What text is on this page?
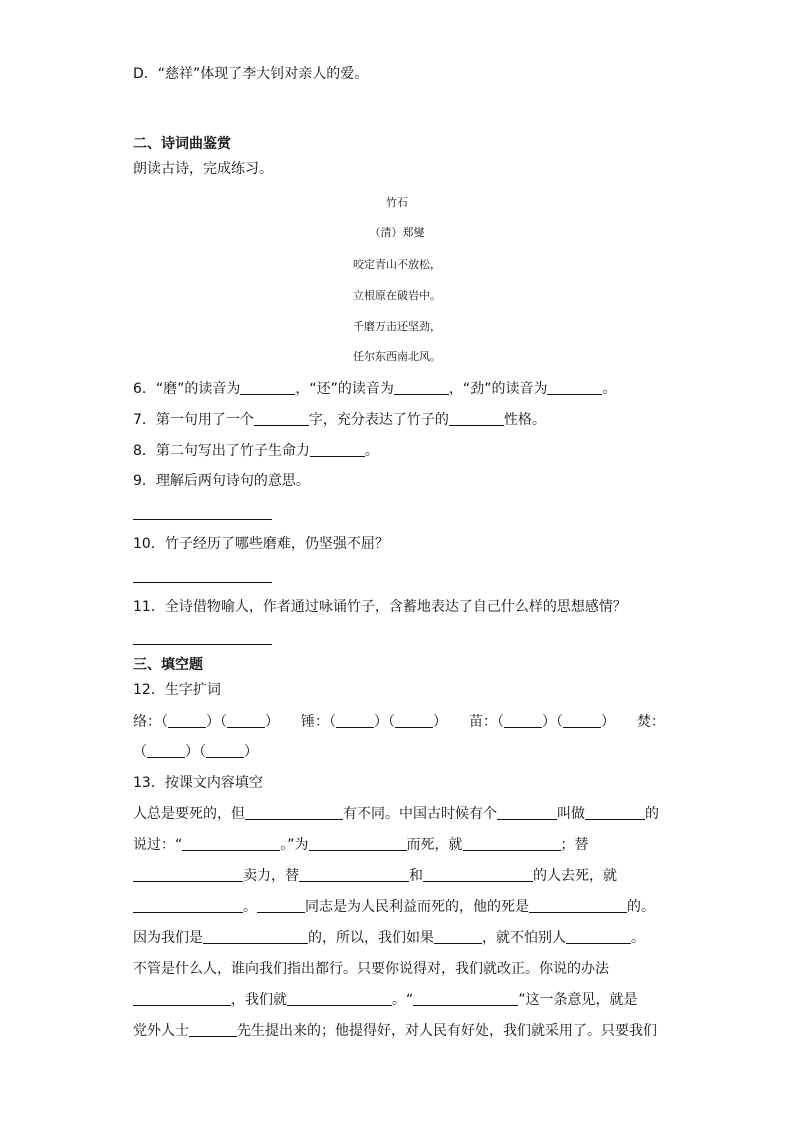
D．“慈祥”体现了李大钊对亲人的爱。
二、诗词曲鉴赏
朗读古诗，完成练习。
竹石
（清）郑燮
咬定青山不放松，
立根原在破岩中。
千磨万击还坚劲，
任尔东西南北风。
6．“磨”的读音为	，“还”的读音为	，“劲”的读音为	。
7．第一句用了一个	字，充分表达了竹子的	性格。
8．第二句写出了竹子生命力	。
9．理解后两句诗句的意思。
10．竹子经历了哪些磨难，仍坚强不屈？
11．全诗借物喻人，作者通过咏诵竹子，含蓄地表达了自己什么样的思想感情？
三、填空题
12．生字扩词
络：（	）（	） 锤：（	）（	） 苗：（	）（	） 焚：
（	）（	）
13．按课文内容填空
人总是要死的，但	有不同。中国古时候有个	叫做	的
说过：“	。”为	而死，就	；替
卖力，替	和	的人去死，就
。	同志是为人民利益而死的，他的死是	的。
因为我们是	的，所以，我们如果	，就不怕别人	。
不管是什么人，谁向我们指出都行。只要你说得对，我们就改正。你说的办法
，我们就	。“	”这一条意见，就是
党外人士	先生提出来的；他提得好，对人民有好处，我们就采用了。只要我们
